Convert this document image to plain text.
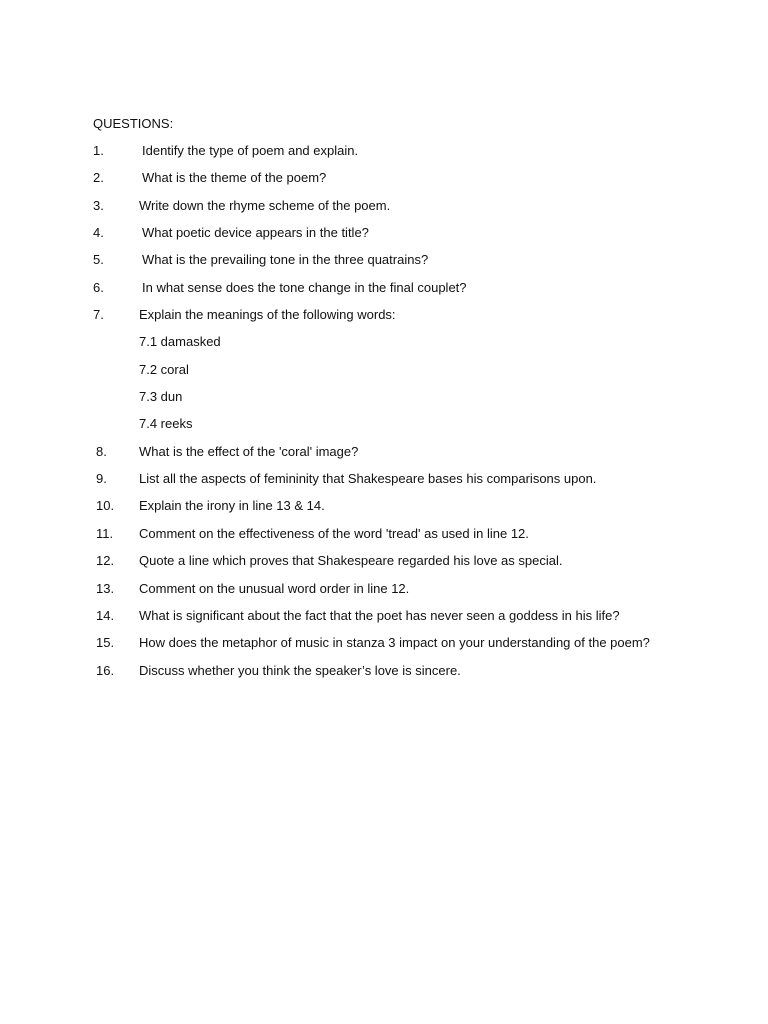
QUESTIONS:
1.	Identify the type of poem and explain.
2.	What is the theme of the poem?
3.	Write down the rhyme scheme of the poem.
4.	What poetic device appears in the title?
5.	What is the prevailing tone in the three quatrains?
6.	In what sense does the tone change in the final couplet?
7.	Explain the meanings of the following words:
7.1 damasked
7.2 coral
7.3 dun
7.4 reeks
8. What is the effect of the 'coral' image?
9. List all the aspects of femininity that Shakespeare bases his comparisons upon.
10. Explain the irony in line 13 & 14.
11. Comment on the effectiveness of the word 'tread' as used in line 12.
12. Quote a line which proves that Shakespeare regarded his love as special.
13. Comment on the unusual word order in line 12.
14. What is significant about the fact that the poet has never seen a goddess in his life?
15. How does the metaphor of music in stanza 3 impact on your understanding of the poem?
16. Discuss whether you think the speaker’s love is sincere.
